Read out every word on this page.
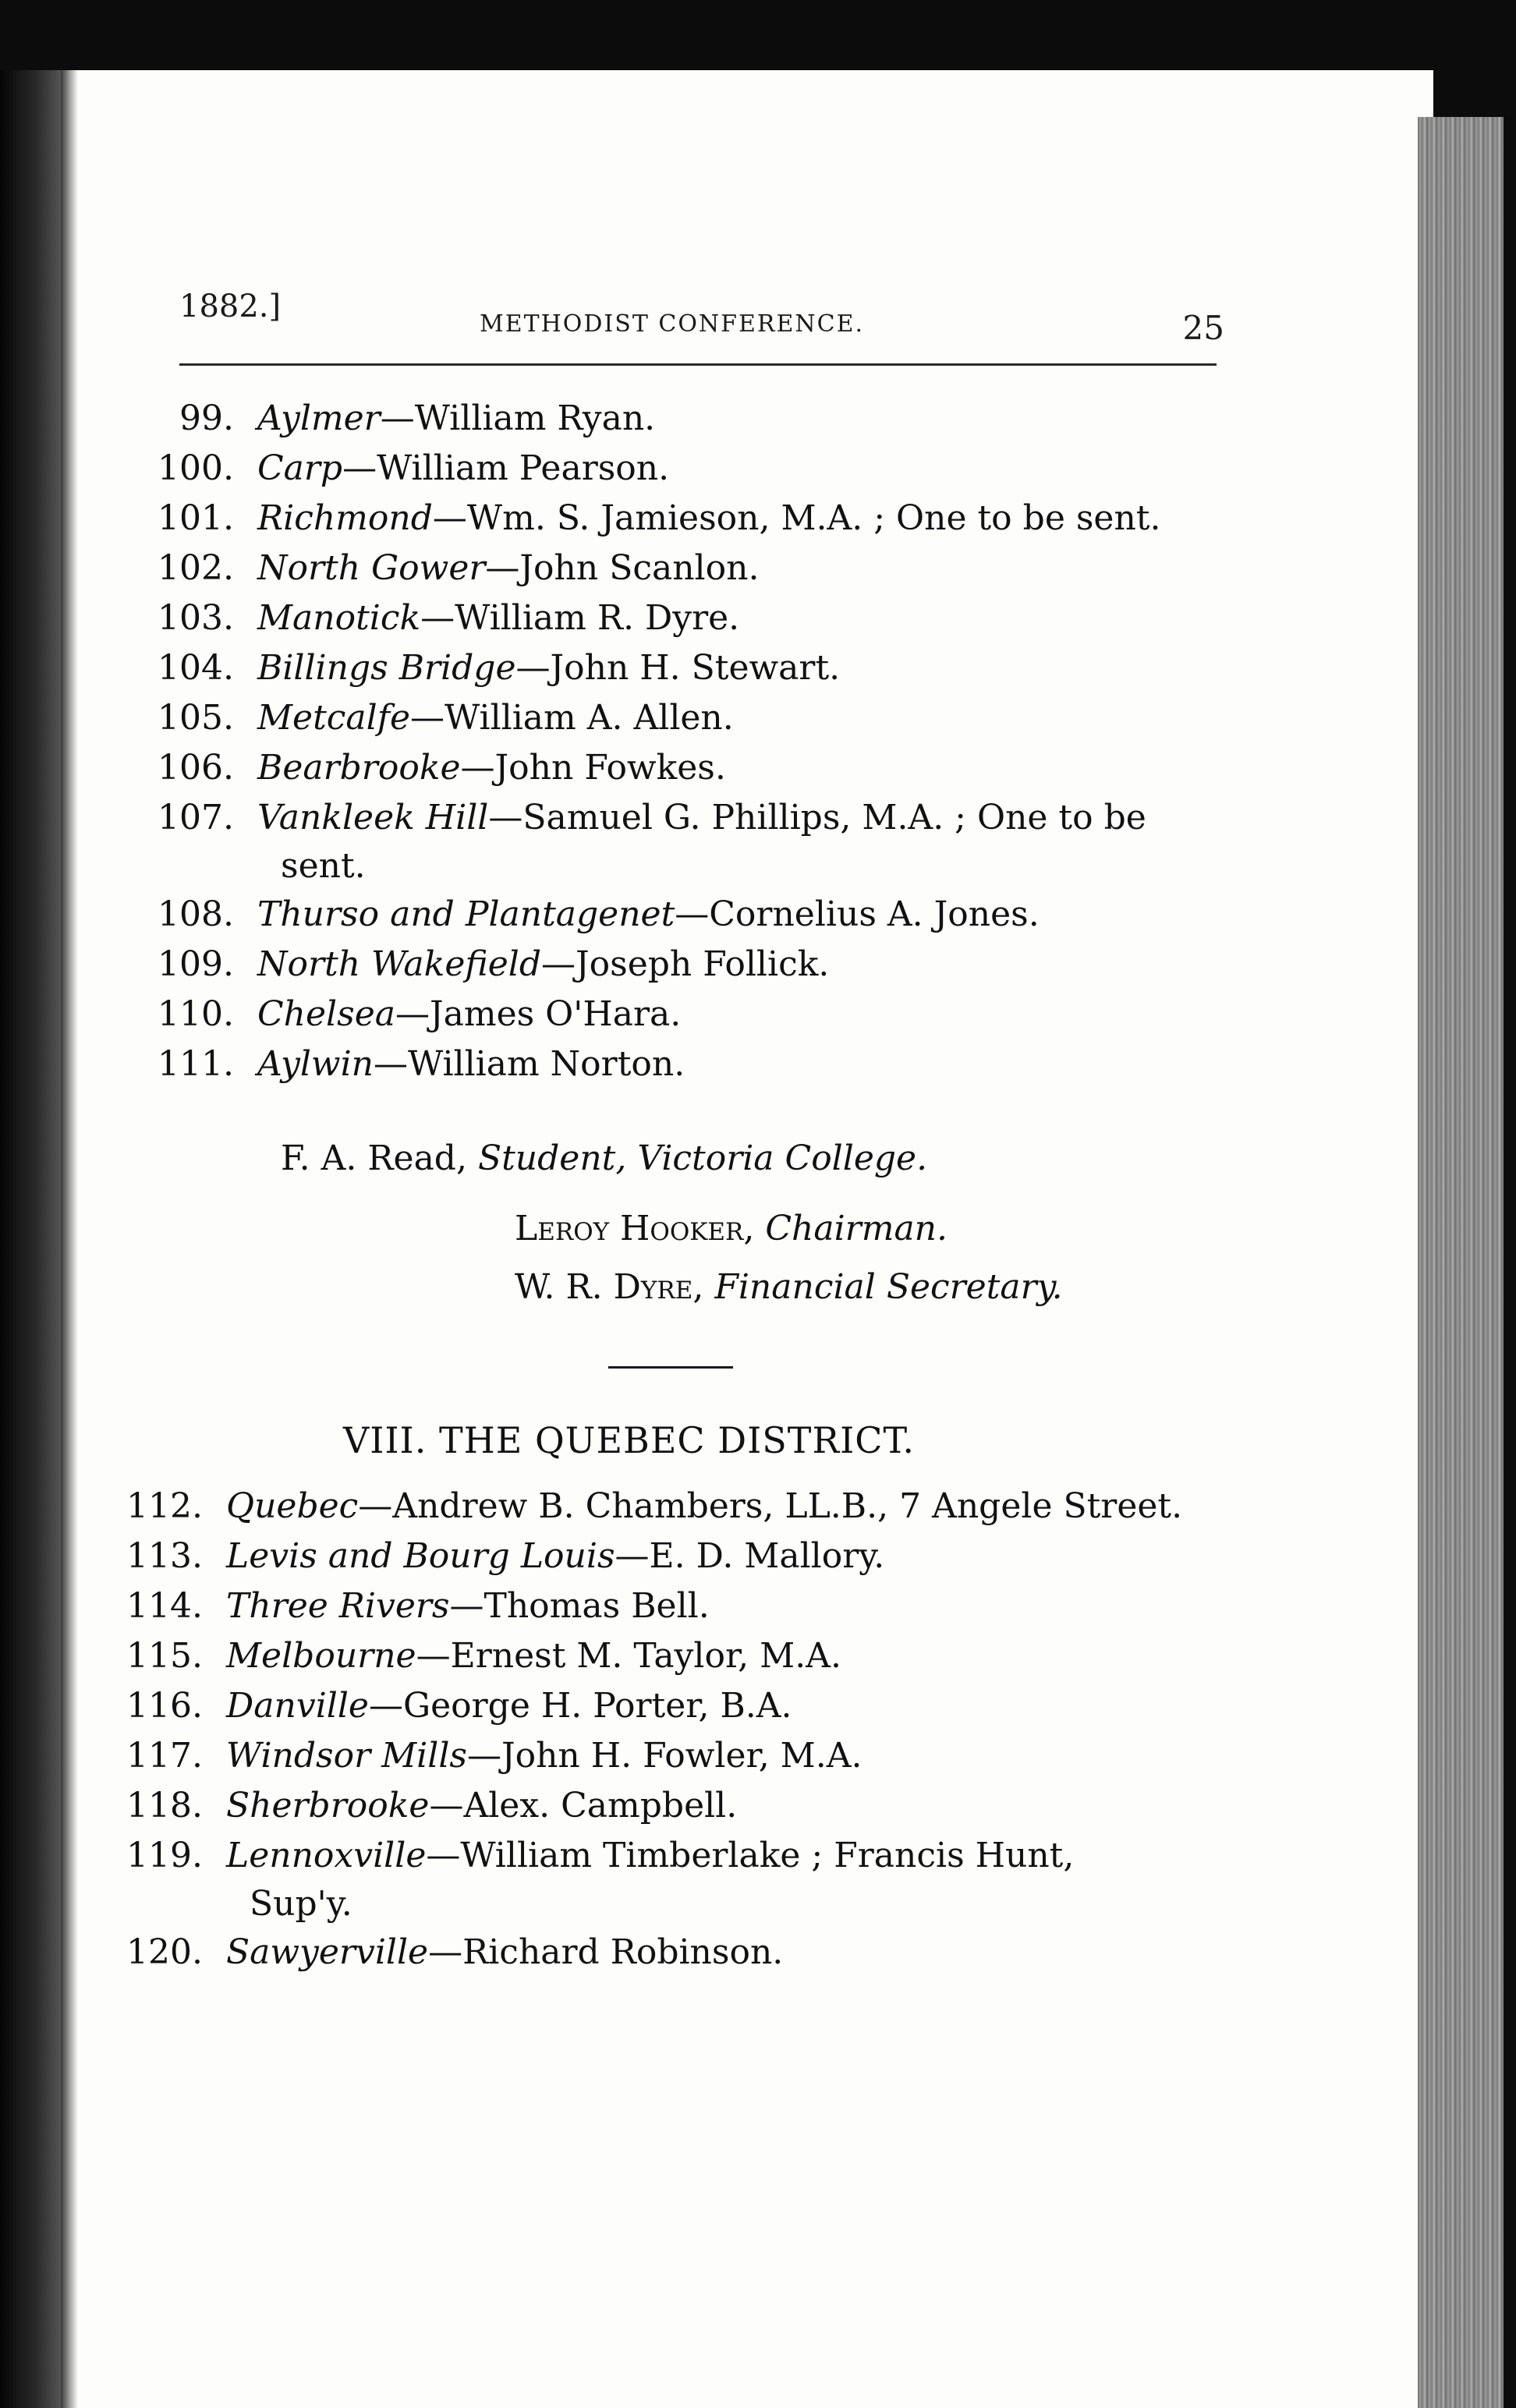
1882.]	METHODIST CONFERENCE.	25
99. Aylmer—William Ryan.
100. Carp—William Pearson.
101. Richmond—Wm. S. Jamieson, M.A. ; One to be sent.
102. North Gower—John Scanlon.
103. Manotick—William R. Dyre.
104. Billings Bridge—John H. Stewart.
105. Metcalfe—William A. Allen.
106. Bearbrooke—John Fowkes.
107. Vankleek Hill—Samuel G. Phillips, M.A. ; One to be
sent.
108. Thurso and Plantagenet—Cornelius A. Jones.
109. North Wakefield—Joseph Follick.
110. Chelsea—James O'Hara.
111. Aylwin—William Norton.
F. A. Read, Student, Victoria College.
Leroy Hooker, Chairman.
W. R. Dyre, Financial Secretary.
VIII. THE QUEBEC DISTRICT.
112. Quebec—Andrew B. Chambers, LL.B., 7 Angele Street.
113. Levis and Bourg Louis—E. D. Mallory.
114. Three Rivers—Thomas Bell.
115. Melbourne—Ernest M. Taylor, M.A.
116. Danville—George H. Porter, B.A.
117. Windsor Mills—John H. Fowler, M.A.
118. Sherbrooke—Alex. Campbell.
119. Lennoxville—William Timberlake ; Francis Hunt,
Sup'y.
120. Sawyerville—Richard Robinson.
